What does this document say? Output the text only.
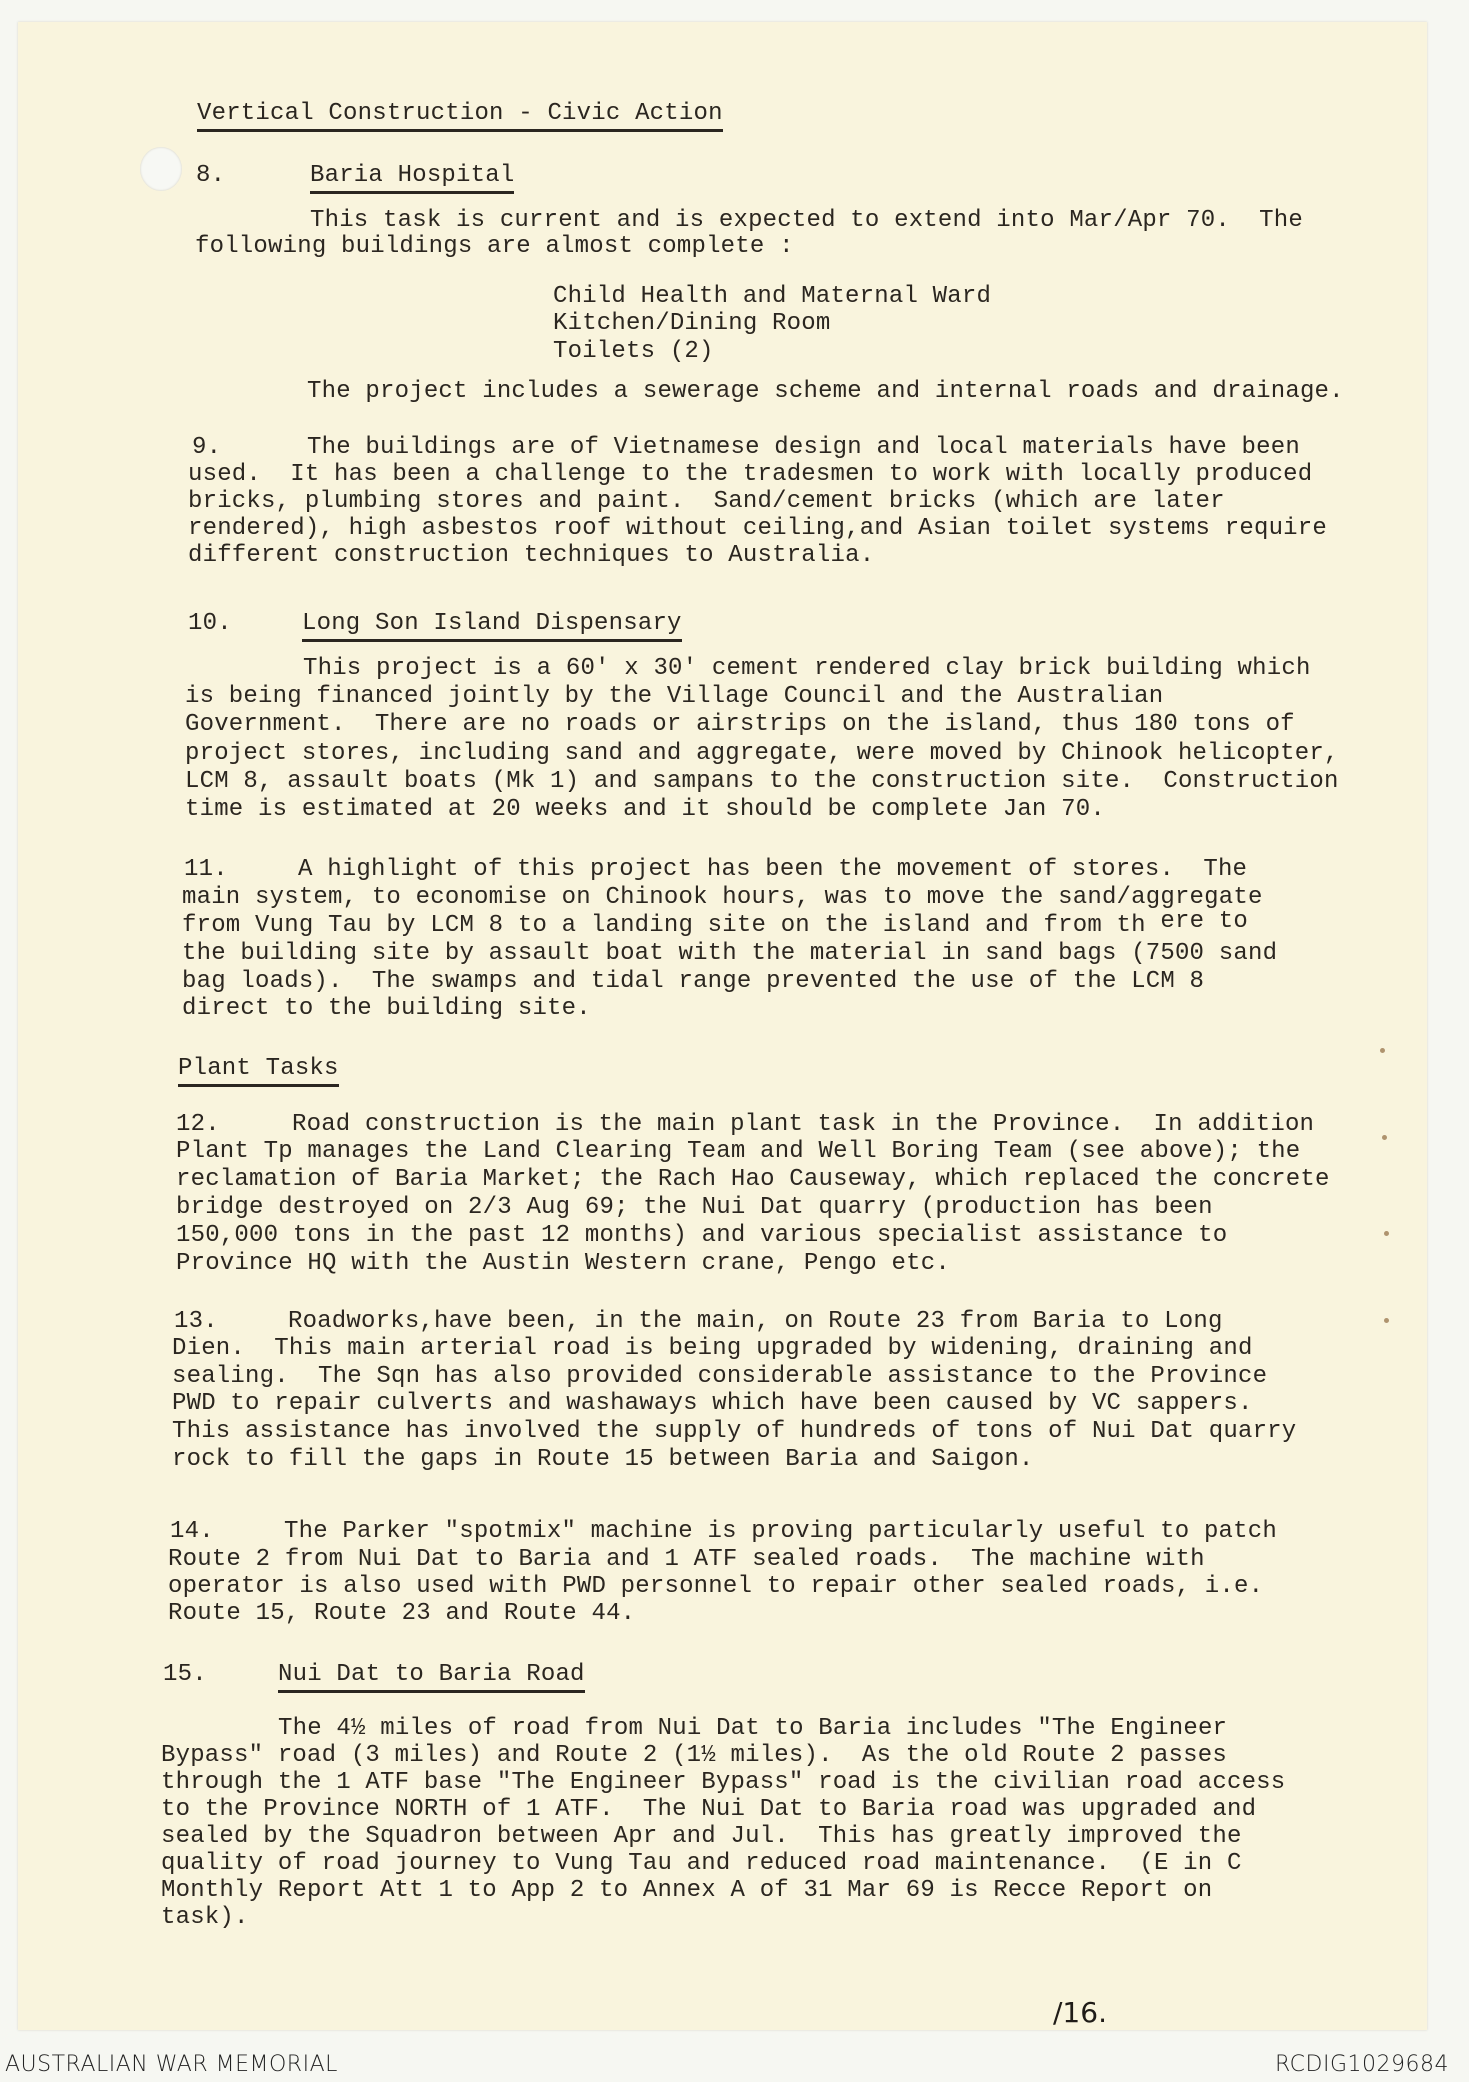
Vertical Construction - Civic Action
8.	Baria Hospital
This task is current and is expected to extend into Mar/Apr 70.  The
following buildings are almost complete :
Child Health and Maternal Ward
Kitchen/Dining Room
Toilets (2)
The project includes a sewerage scheme and internal roads and drainage.
9.	The buildings are of Vietnamese design and local materials have been
used.  It has been a challenge to the tradesmen to work with locally produced
bricks, plumbing stores and paint.  Sand/cement bricks (which are later
rendered), high asbestos roof without ceiling,and Asian toilet systems require
different construction techniques to Australia.
10.	Long Son Island Dispensary
This project is a 60' x 30' cement rendered clay brick building which
is being financed jointly by the Village Council and the Australian
Government.  There are no roads or airstrips on the island, thus 180 tons of
project stores, including sand and aggregate, were moved by Chinook helicopter,
LCM 8, assault boats (Mk 1) and sampans to the construction site.  Construction
time is estimated at 20 weeks and it should be complete Jan 70.
11.	A highlight of this project has been the movement of stores.  The
main system, to economise on Chinook hours, was to move the sand/aggregate
from Vung Tau by LCM 8 to a landing site on the island and from th ere to
the building site by assault boat with the material in sand bags (7500 sand
bag loads).  The swamps and tidal range prevented the use of the LCM 8
direct to the building site.
Plant Tasks
12.	Road construction is the main plant task in the Province.  In addition
Plant Tp manages the Land Clearing Team and Well Boring Team (see above); the
reclamation of Baria Market; the Rach Hao Causeway, which replaced the concrete
bridge destroyed on 2/3 Aug 69; the Nui Dat quarry (production has been
150,000 tons in the past 12 months) and various specialist assistance to
Province HQ with the Austin Western crane, Pengo etc.
13.	Roadworks,have been, in the main, on Route 23 from Baria to Long
Dien.  This main arterial road is being upgraded by widening, draining and
sealing.  The Sqn has also provided considerable assistance to the Province
PWD to repair culverts and washaways which have been caused by VC sappers.
This assistance has involved the supply of hundreds of tons of Nui Dat quarry
rock to fill the gaps in Route 15 between Baria and Saigon.
14.	The Parker "spotmix" machine is proving particularly useful to patch
Route 2 from Nui Dat to Baria and 1 ATF sealed roads.  The machine with
operator is also used with PWD personnel to repair other sealed roads, i.e.
Route 15, Route 23 and Route 44.
15.	Nui Dat to Baria Road
The 4½ miles of road from Nui Dat to Baria includes "The Engineer
Bypass" road (3 miles) and Route 2 (1½ miles).  As the old Route 2 passes
through the 1 ATF base "The Engineer Bypass" road is the civilian road access
to the Province NORTH of 1 ATF.  The Nui Dat to Baria road was upgraded and
sealed by the Squadron between Apr and Jul.  This has greatly improved the
quality of road journey to Vung Tau and reduced road maintenance.  (E in C
Monthly Report Att 1 to App 2 to Annex A of 31 Mar 69 is Recce Report on
task).
/16.
AUSTRALIAN WAR MEMORIAL	RCDIG1029684
